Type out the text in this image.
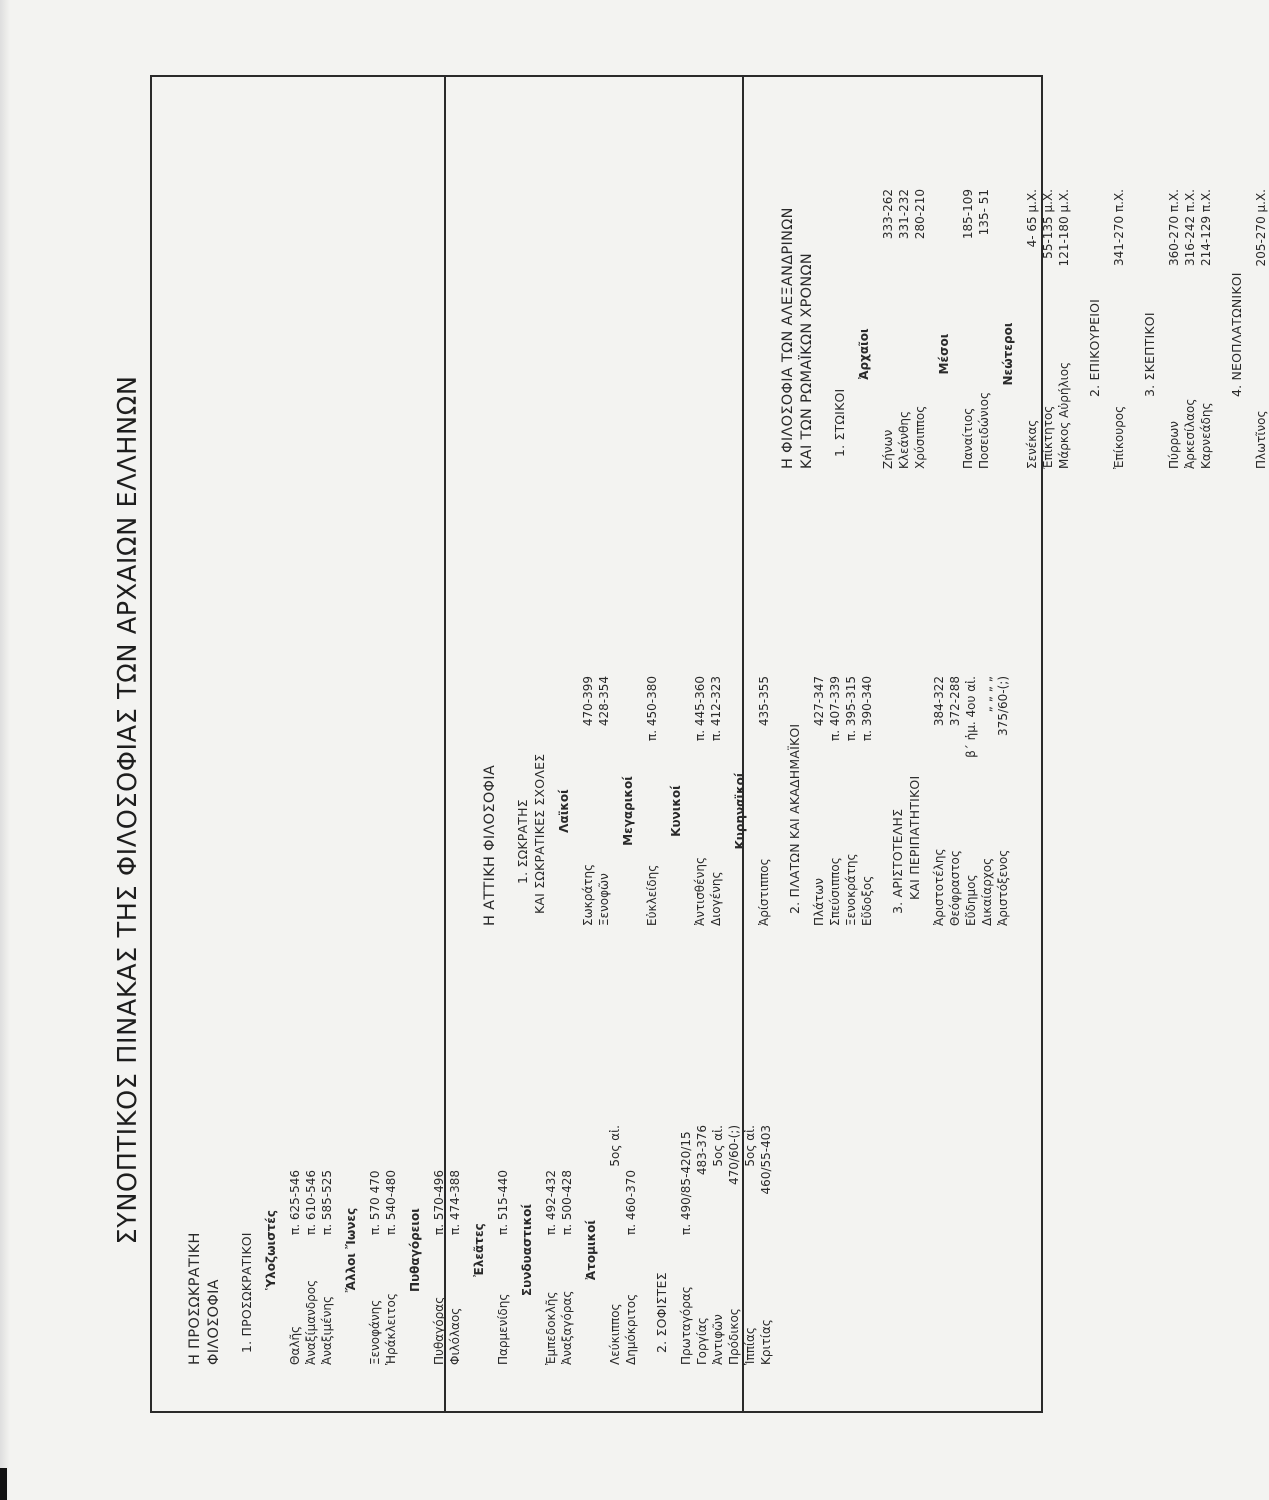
ΣΥΝΟΠΤΙΚΟΣ ΠΙΝΑΚΑΣ ΤΗΣ ΦΙΛΟΣΟΦΙΑΣ ΤΩΝ ΑΡΧΑΙΩΝ ΕΛΛΗΝΩΝ
Η ΠΡΟΣΩΚΡΑΤΙΚΗ ΦΙΛΟΣΟΦΙΑ 1. ΠΡΟΣΩΚΡΑΤΙΚΟΙ Ὑλοζωιστές
Θαλῆς
π. 625-546
Ἀναξίμανδρος
π. 610-546
Ἀναξιμένης
π. 585-525
Ἄλλοι Ἴωνες
Ξενοφάνης
π. 570 470
Ἡράκλειτος
π. 540-480
Πυθαγόρειοι
Πυθαγόρας
π. 570-496
Φιλόλαος
π. 474-388
Ἐλεᾶτες
Παρμενίδης
π. 515-440
Συνδυαστικοί
Ἐμπεδοκλῆς
π. 492-432
Ἀναξαγόρας
π. 500-428
Ἀτομικοί
Λεύκιππος
5ος αἰ.
Δημόκριτος
π. 460-370
2. ΣΟΦΙΣΤΕΣ Πρωταγόρας
π. 490/85-420/15
Γοργίας
483-376
Ἀντιφῶν
5ος αἰ.
Πρόδικος
470/60-(;)
Ἱππίας
5ος αἰ.
Κριτίας
460/55-403
Η ΑΤΤΙΚΗ ΦΙΛΟΣΟΦΙΑ 1. ΣΩΚΡΑΤΗΣ ΚΑΙ ΣΩΚΡΑΤΙΚΕΣ ΣΧΟΛΕΣ Λαϊκοί
Σωκράτης
470-399
Ξενοφῶν
428-354
Μεγαρικοί
Εὐκλείδης
π. 450-380
Κυνικοί
Ἀντισθένης
π. 445-360
Διογένης
π. 412-323
Κυρηναϊκοί
Ἀρίστιππος
435-355
2. ΠΛΑΤΩΝ ΚΑΙ ΑΚΑΔΗΜΑΪΚΟΙ Πλάτων
427-347
Σπεύσιππος
π. 407-339
Ξενοκράτης
π. 395-315
Εὔδοξος
π. 390-340
3. ΑΡΙΣΤΟΤΕΛΗΣ ΚΑΙ ΠΕΡΙΠΑΤΗΤΙΚΟΙ Ἀριστοτέλης
384-322
Θεόφραστος
372-288
Εὔδημος
β΄ ἡμ. 4ου αἰ.
Δικαίαρχος
„ „ „ „
Ἀριστόξενος
375/60-(;)
Η ΦΙΛΟΣΟΦΙΑ ΤΩΝ ΑΛΕΞΑΝΔΡΙΝΩΝ ΚΑΙ ΤΩΝ ΡΩΜΑΪΚΩΝ ΧΡΟΝΩΝ 1. ΣΤΩΙΚΟΙ
Ἀρχαῖοι
Ζήνων
333-262
Κλεάνθης
331-232
Χρύσιππος
280-210
Μέσοι
Παναίτιος
185-109
Ποσειδώνιος
135- 51
Νεώτεροι
Σενέκας
4- 65 μ.Χ.
Ἐπίκτητος
55-135 μ.Χ.
Μάρκος Αὐρήλιος
121-180 μ.Χ.
2. ΕΠΙΚΟΥΡΕΙΟΙ
Ἐπίκουρος
341-270 π.Χ.
3. ΣΚΕΠΤΙΚΟΙ
Πύρρων
360-270 π.Χ.
Ἀρκεσίλαος
316-242 π.Χ.
Καρνεάδης
214-129 π.Χ.
4. ΝΕΟΠΛΑΤΩΝΙΚΟΙ
Πλωτῖνος
205-270 μ.Χ.
